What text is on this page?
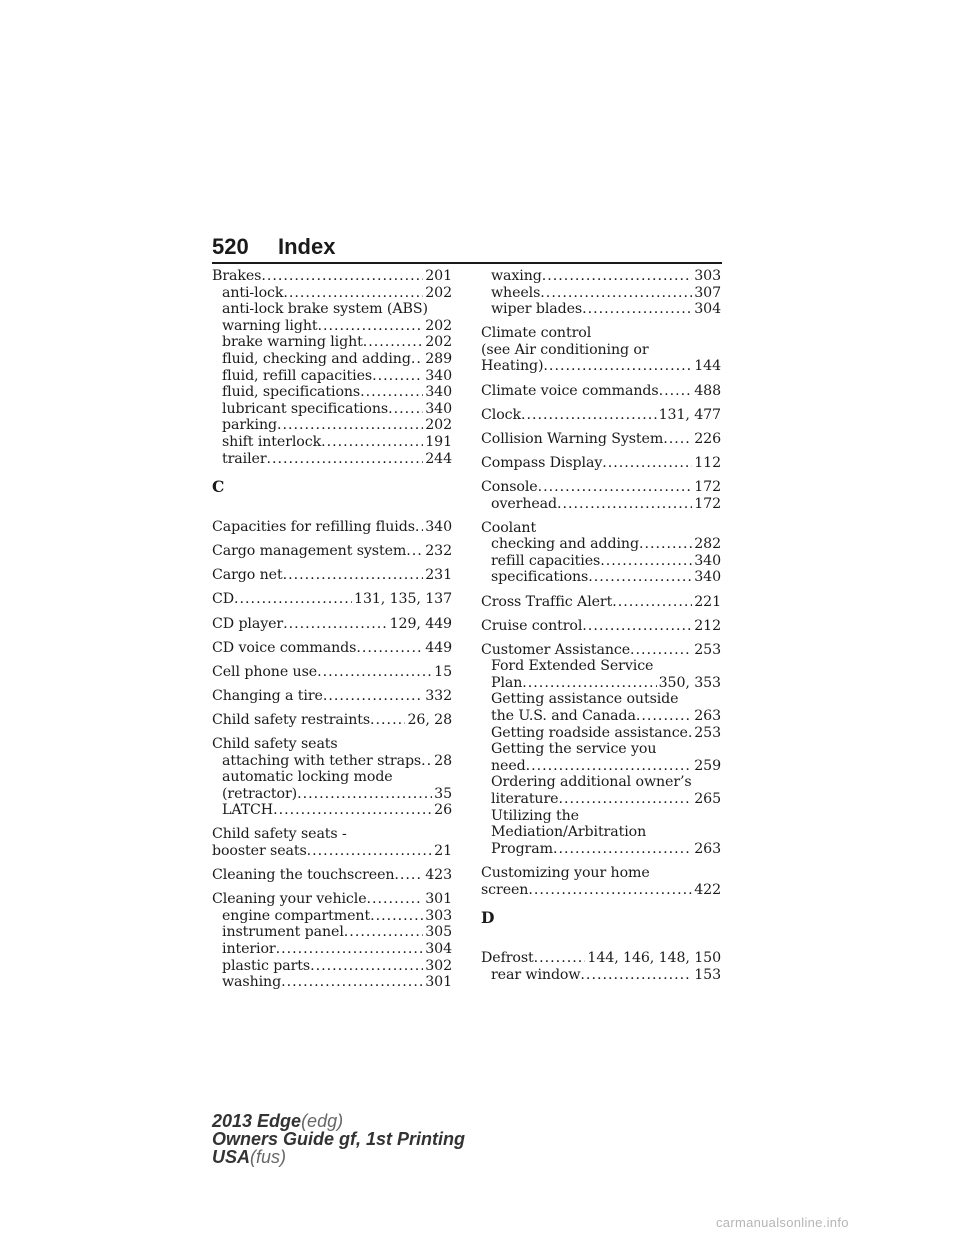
520 Index
Brakes .....	201
anti-lock .....	202
anti-lock brake system (ABS)
warning light .....	202
brake warning light .....	202
fluid, checking and adding ..... 289
fluid, refill capacities .....	340
fluid, specifications .....	340
lubricant specifications .....	340
parking .....	202
shift interlock .....	191
trailer .....	244
C
Capacities for refilling fluids ..... 340
Cargo management system ..... 232
Cargo net .....	231
CD .....	131, 135, 137
CD player .....	129, 449
CD voice commands .....	449
Cell phone use .....	15
Changing a tire .....	332
Child safety restraints .....	26, 28
Child safety seats
attaching with tether straps ..... 28
automatic locking mode
(retractor) .....	35
LATCH .....	26
Child safety seats -
booster seats .....	21
Cleaning the touchscreen ..... 423
Cleaning your vehicle .....	301
engine compartment .....	303
instrument panel .....	305
interior .....	304
plastic parts .....	302
washing .....	301
waxing .....	303
wheels .....	307
wiper blades .....	304
Climate control
(see Air conditioning or
Heating) .....	144
Climate voice commands .....	488
Clock .....	131, 477
Collision Warning System ..... 226
Compass Display .....	112
Console .....	172
overhead .....	172
Coolant
checking and adding .....	282
refill capacities .....	340
specifications .....	340
Cross Traffic Alert .....	221
Cruise control .....	212
Customer Assistance .....	253
Ford Extended Service
Plan .....	350, 353
Getting assistance outside
the U.S. and Canada .....	263
Getting roadside assistance ..... 253
Getting the service you
need .....	259
Ordering additional owner’s
literature .....	265
Utilizing the
Mediation/Arbitration
Program .....	263
Customizing your home
screen .....	422
D
Defrost .....	144, 146, 148, 150
rear window .....	153
2013 Edge(edg)
Owners Guide gf, 1st Printing
USA(fus)
carmanualsonline.info
